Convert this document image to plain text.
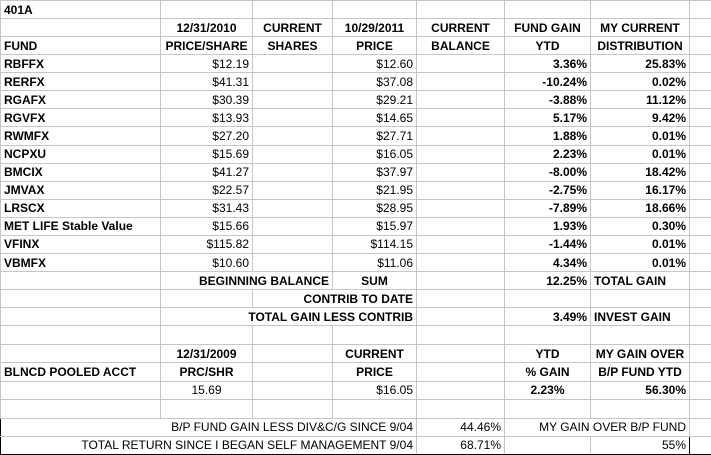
401A							
	12/31/2010	CURRENT	10/29/2011	CURRENT	FUND GAIN	MY CURRENT	
FUND	PRICE/SHARE	SHARES	PRICE	BALANCE	YTD	DISTRIBUTION	
RBFFX	$12.19		$12.60		3.36%	25.83%	
RERFX	$41.31		$37.08		-10.24%	0.02%	
RGAFX	$30.39		$29.21		-3.88%	11.12%	
RGVFX	$13.93		$14.65		5.17%	9.42%	
RWMFX	$27.20		$27.71		1.88%	0.01%	
NCPXU	$15.69		$16.05		2.23%	0.01%	
BMCIX	$41.27		$37.97		-8.00%	18.42%	
JMVAX	$22.57		$21.95		-2.75%	16.17%	
LRSCX	$31.43		$28.95		-7.89%	18.66%	
MET LIFE Stable Value	$15.66		$15.97		1.93%	0.30%	
VFINX	$115.82		$114.15		-1.44%	0.01%	
VBMFX	$10.60		$11.06		4.34%	0.01%	
	BEGINNING BALANCE		SUM		12.25%	TOTAL GAIN	
		CONTRIB TO DATE					
	TOTAL GAIN LESS CONTRIB				3.49%	INVEST GAIN	

	12/31/2009		CURRENT		YTD	MY GAIN OVER	
BLNCD POOLED ACCT	PRC/SHR		PRICE		% GAIN	B/P FUND YTD	
	15.69		$16.05		2.23%	56.30%	

B/P FUND GAIN LESS DIV&C/G SINCE 9/04				44.46%	MY GAIN OVER B/P FUND		
TOTAL RETURN SINCE I BEGAN SELF MANAGEMENT 9/04				68.71%		55%	
